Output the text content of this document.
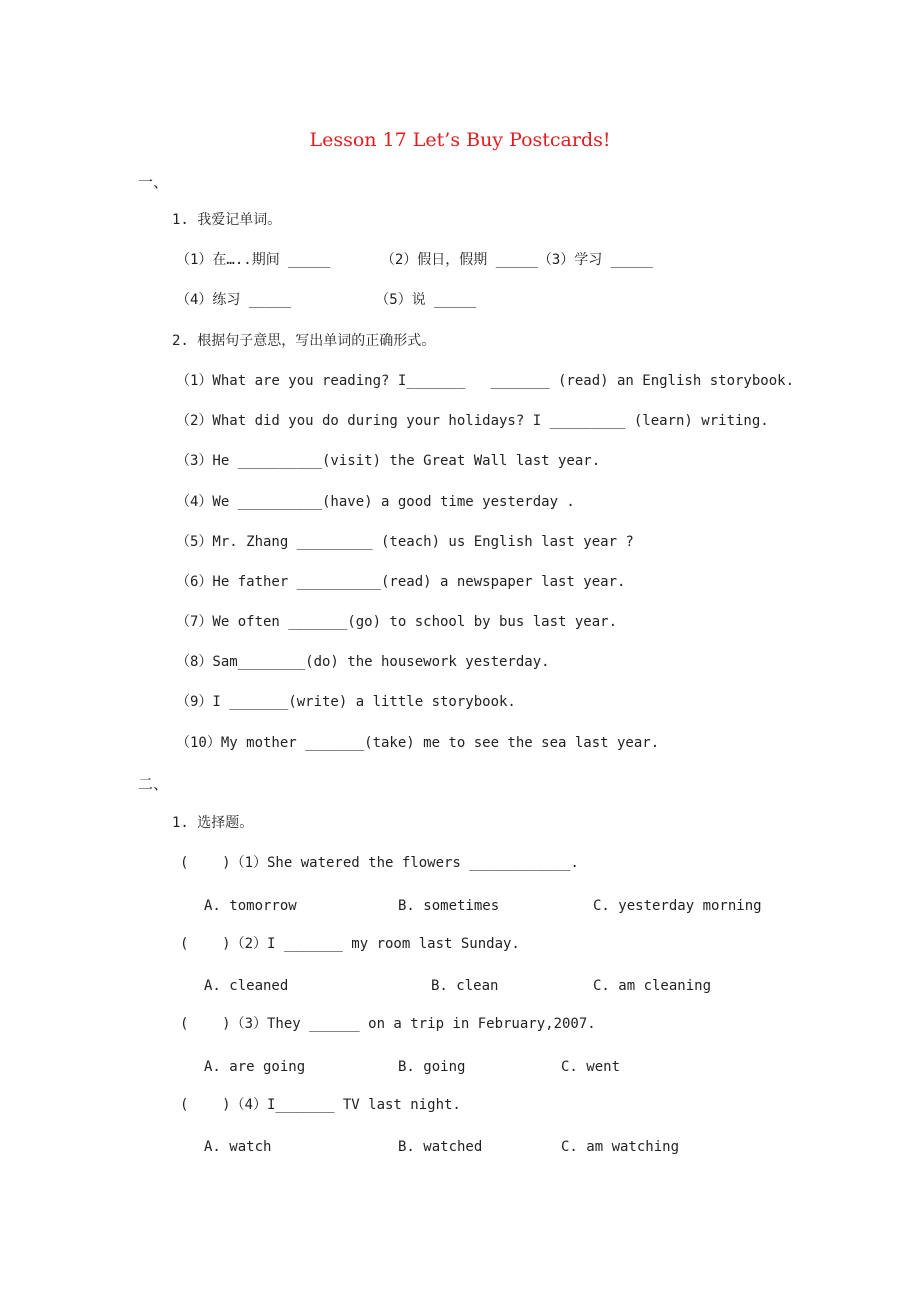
Lesson 17 Let’s Buy Postcards!
一、
1. 我爱记单词。
（1）在…..期间 _____      （2）假日，假期 _____（3）学习 _____
（4）练习 _____          （5）说 _____
2. 根据句子意思，写出单词的正确形式。
（1）What are you reading? I_______   _______ (read) an English storybook.
（2）What did you do during your holidays? I _________ (learn) writing.
（3）He __________(visit) the Great Wall last year.
（4）We __________(have) a good time yesterday .
（5）Mr. Zhang _________ (teach) us English last year ?
（6）He father __________(read) a newspaper last year.
（7）We often _______(go) to school by bus last year.
（8）Sam________(do) the housework yesterday.
（9）I _______(write) a little storybook.
（10）My mother _______(take) me to see the sea last year.
二、
1. 选择题。
(    )（1）She watered the flowers ____________.
A. tomorrow	B. sometimes	C. yesterday morning
(    )（2）I _______ my room last Sunday.
A. cleaned	B. clean	C. am cleaning
(    )（3）They ______ on a trip in February,2007.
A. are going	B. going	C. went
(    )（4）I_______ TV last night.
A. watch	B. watched	C. am watching
